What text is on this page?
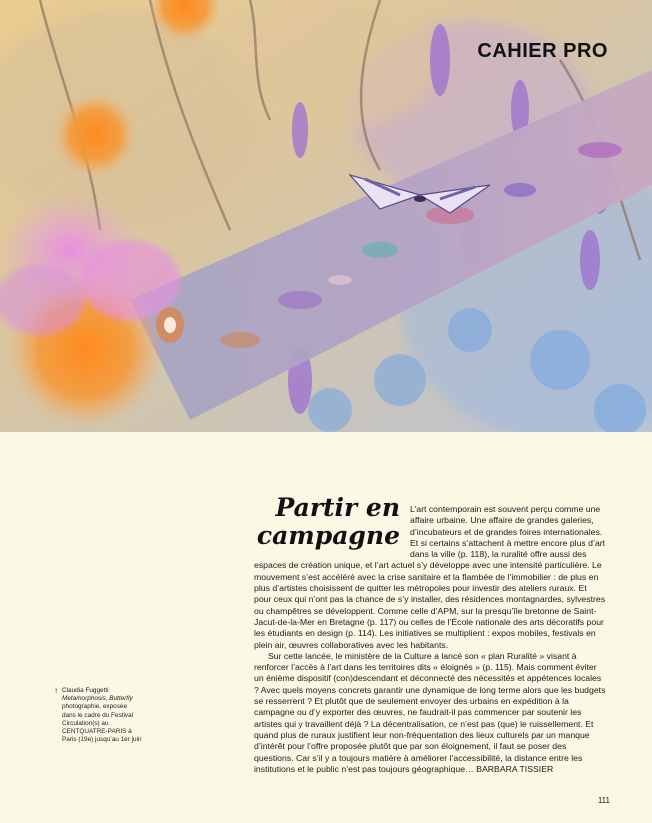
CAHIER PRO
Partir en
campagne

L’art contemporain est souvent perçu comme une affaire urbaine. Une affaire de grandes galeries, d’incubateurs et de grandes foires internationales. Et si certains s’attachent à mettre encore plus d’art dans la ville (p. 118), la ruralité offre aussi des espaces de création unique, et l’art actuel s’y développe avec une intensité particulière. Le mouvement s’est accéléré avec la crise sanitaire et la flambée de l’immobilier : de plus en plus d’artistes choisissent de quitter les métropoles pour investir des ateliers ruraux. Et pour ceux qui n’ont pas la chance de s’y installer, des résidences montagnardes, sylvestres ou champêtres se développent. Comme celle d’APM, sur la presqu’île bretonne de Saint-Jacut-de-la-Mer en Bretagne (p. 117) ou celles de l’École nationale des arts décoratifs pour les étudiants en design (p. 114). Les initiatives se multiplient : expos mobiles, festivals en plein air, œuvres collaboratives avec les habitants.

Sur cette lancée, le ministère de la Culture a lancé son « plan Ruralité » visant à renforcer l’accès à l’art dans les territoires dits « éloignés » (p. 115). Mais comment éviter un énième dispositif (con)descendant et déconnecté des nécessités et appétences locales ? Avec quels moyens concrets garantir une dynamique de long terme alors que les budgets se resserrent ? Et plutôt que de seulement envoyer des urbains en expédition à la campagne ou d’y exporter des œuvres, ne faudrait-il pas commencer par soutenir les artistes qui y travaillent déjà ? La décentralisation, ce n’est pas (que) le ruissellement. Et quand plus de ruraux justifient leur non-fréquentation des lieux culturels par un manque d’intérêt pour l’offre proposée plutôt que par son éloignement, il faut se poser des questions. Car s’il y a toujours matière à améliorer l’accessibilité, la distance entre les institutions et le public n’est pas toujours géographique… BARBARA TISSIER

↑ Claudia Fuggetti
Metamorphosis, Butterfly
photographie, exposée
dans le cadre du Festival
Circulation(s) au
CENTQUATRE-PARIS à
Paris (19e) jusqu’au 1er juin
111
